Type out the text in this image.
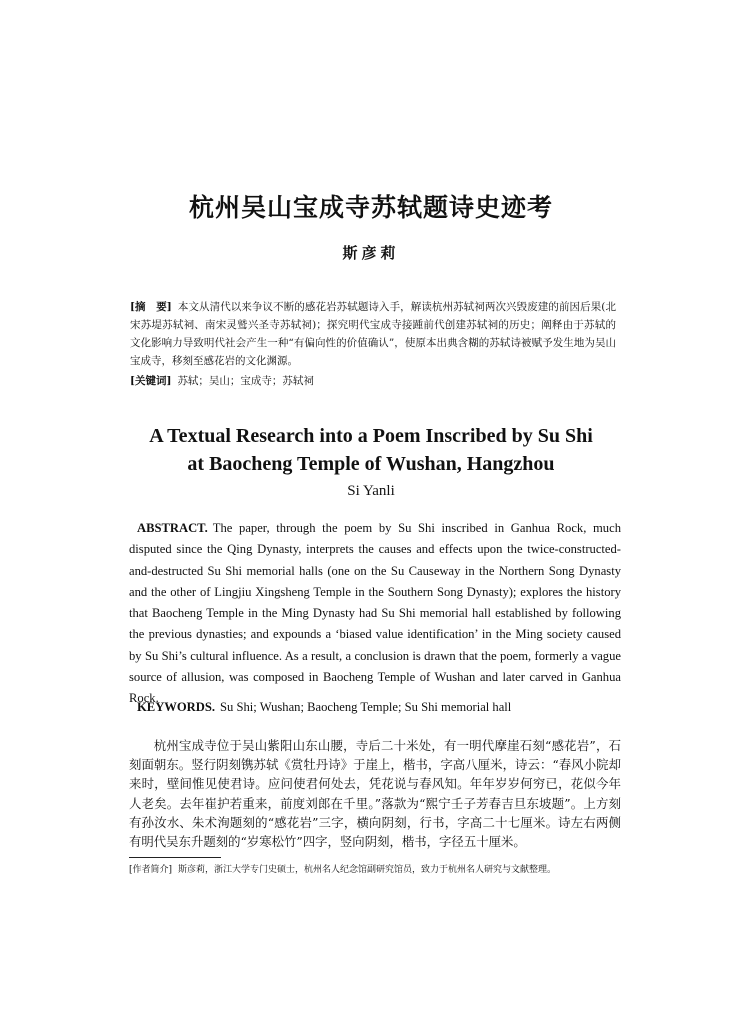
杭州吴山宝成寺苏轼题诗史迹考
斯彦莉
[摘　要] 本文从清代以来争议不断的感花岩苏轼题诗入手，解读杭州苏轼祠两次兴毁废建的前因后果(北宋苏堤苏轼祠、南宋灵鹫兴圣寺苏轼祠)；探究明代宝成寺接踵前代创建苏轼祠的历史；阐释由于苏轼的文化影响力导致明代社会产生一种“有偏向性的价值确认”，使原本出典含糊的苏轼诗被赋予发生地为吴山宝成寺，移刻至感花岩的文化渊源。
[关键词] 苏轼；吴山；宝成寺；苏轼祠
A Textual Research into a Poem Inscribed by Su Shi
at Baocheng Temple of Wushan, Hangzhou
Si Yanli
ABSTRACT. The paper, through the poem by Su Shi inscribed in Ganhua Rock, much disputed since the Qing Dynasty, interprets the causes and effects upon the twice-constructed-and-destructed Su Shi memorial halls (one on the Su Causeway in the Northern Song Dynasty and the other of Lingjiu Xingsheng Temple in the Southern Song Dynasty); explores the history that Baocheng Temple in the Ming Dynasty had Su Shi memorial hall established by following the previous dynasties; and expounds a ‘biased value identification’ in the Ming society caused by Su Shi’s cultural influence. As a result, a conclusion is drawn that the poem, formerly a vague source of allusion, was composed in Baocheng Temple of Wushan and later carved in Ganhua Rock.
KEYWORDS. Su Shi; Wushan; Baocheng Temple; Su Shi memorial hall

杭州宝成寺位于吴山紫阳山东山腰，寺后二十米处，有一明代摩崖石刻“感花岩”，石刻面朝东。竖行阴刻镌苏轼《赏牡丹诗》于崖上，楷书，字高八厘米，诗云：“春风小院却来时，壁间惟见使君诗。应问使君何处去，凭花说与春风知。年年岁岁何穷已，花似今年人老矣。去年崔护若重来，前度刘郎在千里。”落款为“熙宁壬子芳春吉旦东坡题”。上方刻有孙汝水、朱术洵题刻的“感花岩”三字，横向阴刻，行书，字高二十七厘米。诗左右两侧有明代吴东升题刻的“岁寒松竹”四字，竖向阴刻，楷书，字径五十厘米。

[作者简介] 斯彦莉，浙江大学专门史硕士，杭州名人纪念馆副研究馆员，致力于杭州名人研究与文献整理。
